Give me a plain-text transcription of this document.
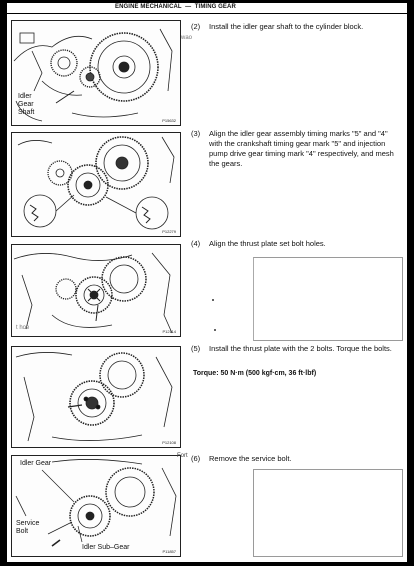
ENGINE MECHANICAL — TIMING GEAR
Idler
Gear
Shaft
P15632
P12279
t hoe
P12114
P12108
Idler Gear
Service
Bolt
Idler Sub–Gear
P11857
(2) Install the idler gear shaft to the cylinder block.
wao
(3) Align the idler gear assembly timing marks "5" and "4" with the crankshaft timing gear mark "5" and injection pump drive gear timing mark "4" respectively, and mesh the gears.
(4) Align the thrust plate set bolt holes.
(5) Install the thrust plate with the 2 bolts. Torque the bolts.
Torque: 50 N·m (500 kgf·cm, 36 ft·lbf)
Fort (6) Remove the service bolt.
